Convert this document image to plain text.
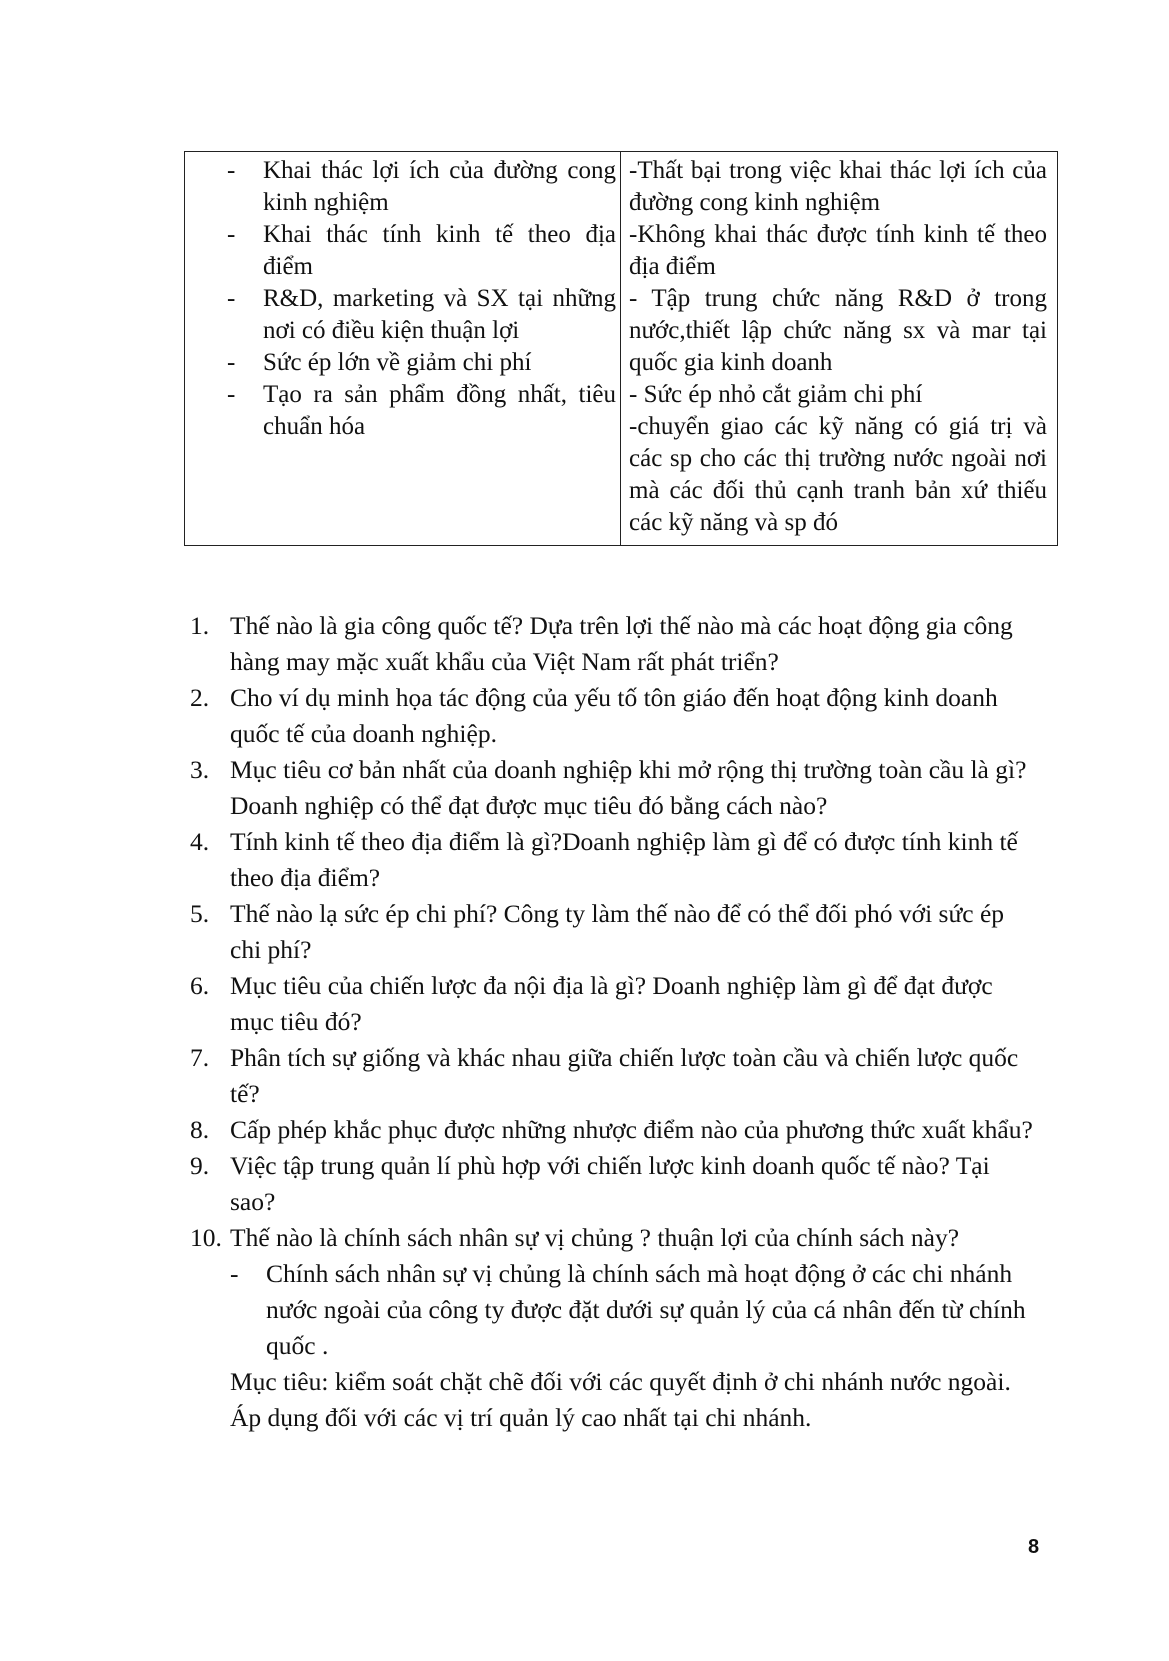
- Khai thác lợi ích của đường cong kinh nghiệm
- Khai thác tính kinh tế theo địa điểm
- R&D, marketing và SX tại những nơi có điều kiện thuận lợi
- Sức ép lớn về giảm chi phí
- Tạo ra sản phẩm đồng nhất, tiêu chuẩn hóa
-Thất bại trong việc khai thác lợi ích của đường cong kinh nghiệm
-Không khai thác được tính kinh tế theo địa điểm
- Tập trung chức năng R&D ở trong nước,thiết lập chức năng sx và mar tại quốc gia kinh doanh
- Sức ép nhỏ cắt giảm chi phí
-chuyển giao các kỹ năng có giá trị và các sp cho các thị trường nước ngoài nơi mà các đối thủ cạnh tranh bản xứ thiếu các kỹ năng và sp đó
1. Thế nào là gia công quốc tế? Dựa trên lợi thế nào mà các hoạt động gia công hàng may mặc xuất khẩu của Việt Nam rất phát triển?
2. Cho ví dụ minh họa tác động của yếu tố tôn giáo đến hoạt động kinh doanh quốc tế của doanh nghiệp.
3. Mục tiêu cơ bản nhất của doanh nghiệp khi mở rộng thị trường toàn cầu là gì?Doanh nghiệp có thể đạt được mục tiêu đó bằng cách nào?
4. Tính kinh tế theo địa điểm là gì?Doanh nghiệp làm gì để có được tính kinh tế theo địa điểm?
5. Thế nào lạ sức ép chi phí? Công ty làm thế nào để có thể đối phó với sức ép chi phí?
6. Mục tiêu của chiến lược đa nội địa là gì? Doanh nghiệp làm gì để đạt được mục tiêu đó?
7. Phân tích sự giống và khác nhau giữa chiến lược toàn cầu và chiến lược quốc tế?
8. Cấp phép khắc phục được những nhược điểm nào của phương thức xuất khẩu?
9. Việc tập trung quản lí phù hợp với chiến lược kinh doanh quốc tế nào? Tại sao?
10. Thế nào là chính sách nhân sự vị chủng ? thuận lợi của chính sách này?
- Chính sách nhân sự vị chủng là chính sách mà hoạt động ở các chi nhánh nước ngoài của công ty được đặt dưới sự quản lý của cá nhân đến từ chính quốc .
Mục tiêu: kiểm soát chặt chẽ đối với các quyết định ở chi nhánh nước ngoài.
Áp dụng đối với các vị trí quản lý cao nhất tại chi nhánh.
8
